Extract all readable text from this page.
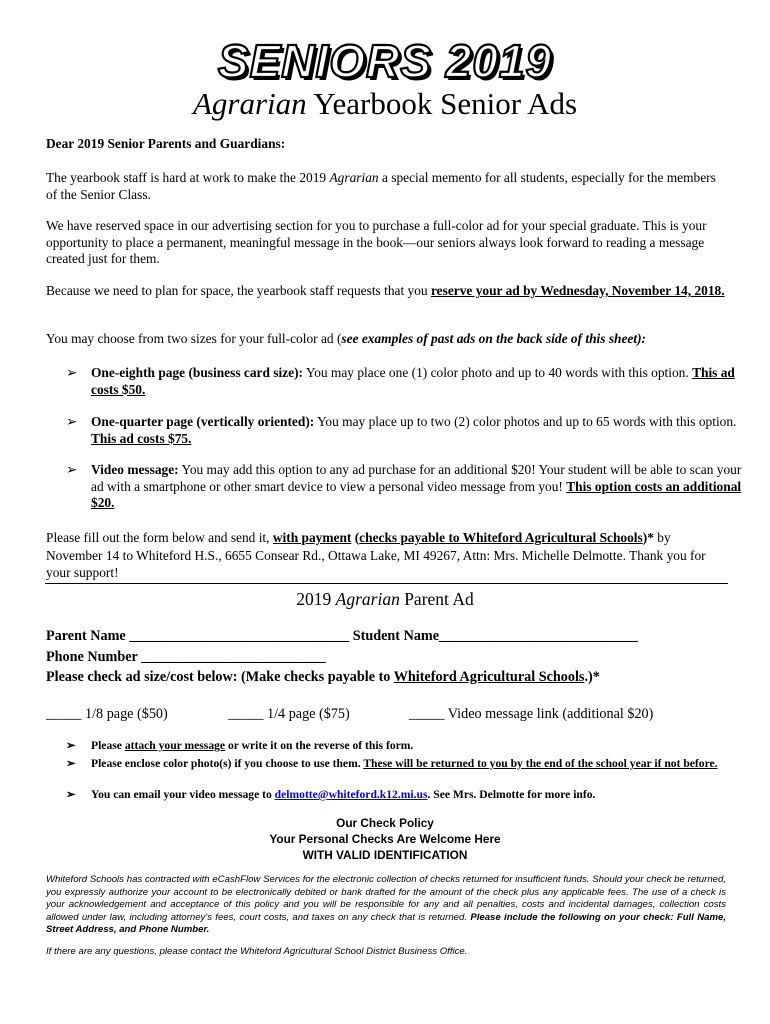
SENIORS 2019
Agrarian Yearbook Senior Ads
Dear 2019 Senior Parents and Guardians:
The yearbook staff is hard at work to make the 2019 Agrarian a special memento for all students, especially for the members of the Senior Class.
We have reserved space in our advertising section for you to purchase a full-color ad for your special graduate. This is your opportunity to place a permanent, meaningful message in the book—our seniors always look forward to reading a message created just for them.
Because we need to plan for space, the yearbook staff requests that you reserve your ad by Wednesday, November 14, 2018.
You may choose from two sizes for your full-color ad (see examples of past ads on the back side of this sheet):
➢ One-eighth page (business card size): You may place one (1) color photo and up to 40 words with this option. This ad costs $50.
➢ One-quarter page (vertically oriented): You may place up to two (2) color photos and up to 65 words with this option. This ad costs $75.
➢ Video message: You may add this option to any ad purchase for an additional $20! Your student will be able to scan your ad with a smartphone or other smart device to view a personal video message from you! This option costs an additional $20.
Please fill out the form below and send it, with payment (checks payable to Whiteford Agricultural Schools)* by November 14 to Whiteford H.S., 6655 Consear Rd., Ottawa Lake, MI 49267, Attn: Mrs. Michelle Delmotte. Thank you for your support!
2019 Agrarian Parent Ad
Parent Name _______________________________ Student Name____________________________
Phone Number __________________________
Please check ad size/cost below: (Make checks payable to Whiteford Agricultural Schools.)*
_____ 1/8 page ($50)	_____ 1/4 page ($75)	_____ Video message link (additional $20)
➢ Please attach your message or write it on the reverse of this form.
➢ Please enclose color photo(s) if you choose to use them. These will be returned to you by the end of the school year if not before.
➢ You can email your video message to delmotte@whiteford.k12.mi.us. See Mrs. Delmotte for more info.
Our Check Policy
Your Personal Checks Are Welcome Here
WITH VALID IDENTIFICATION
Whiteford Schools has contracted with eCashFlow Services for the electronic collection of checks returned for insufficient funds. Should your check be returned, you expressly authorize your account to be electronically debited or bank drafted for the amount of the check plus any applicable fees. The use of a check is your acknowledgement and acceptance of this policy and you will be responsible for any and all penalties, costs and incidental damages, collection costs allowed under law, including attorney's fees, court costs, and taxes on any check that is returned. Please include the following on your check: Full Name, Street Address, and Phone Number.
If there are any questions, please contact the Whiteford Agricultural School District Business Office.
